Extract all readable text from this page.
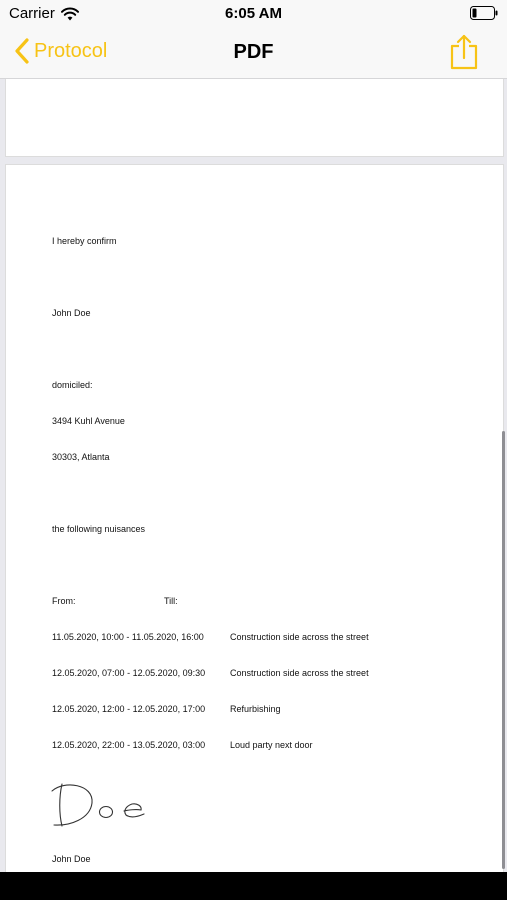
Carrier	6:05 AM
Protocol	PDF

I hereby confirm

John Doe

domiciled:

3494 Kuhl Avenue

30303, Atlanta

the following nuisances

From:	Till:

11.05.2020, 10:00 - 11.05.2020, 16:00	Construction side across the street

12.05.2020, 07:00 - 12.05.2020, 09:30	Construction side across the street

12.05.2020, 12:00 - 12.05.2020, 17:00	Refurbishing

12.05.2020, 22:00 - 13.05.2020, 03:00	Loud party next door

John Doe
